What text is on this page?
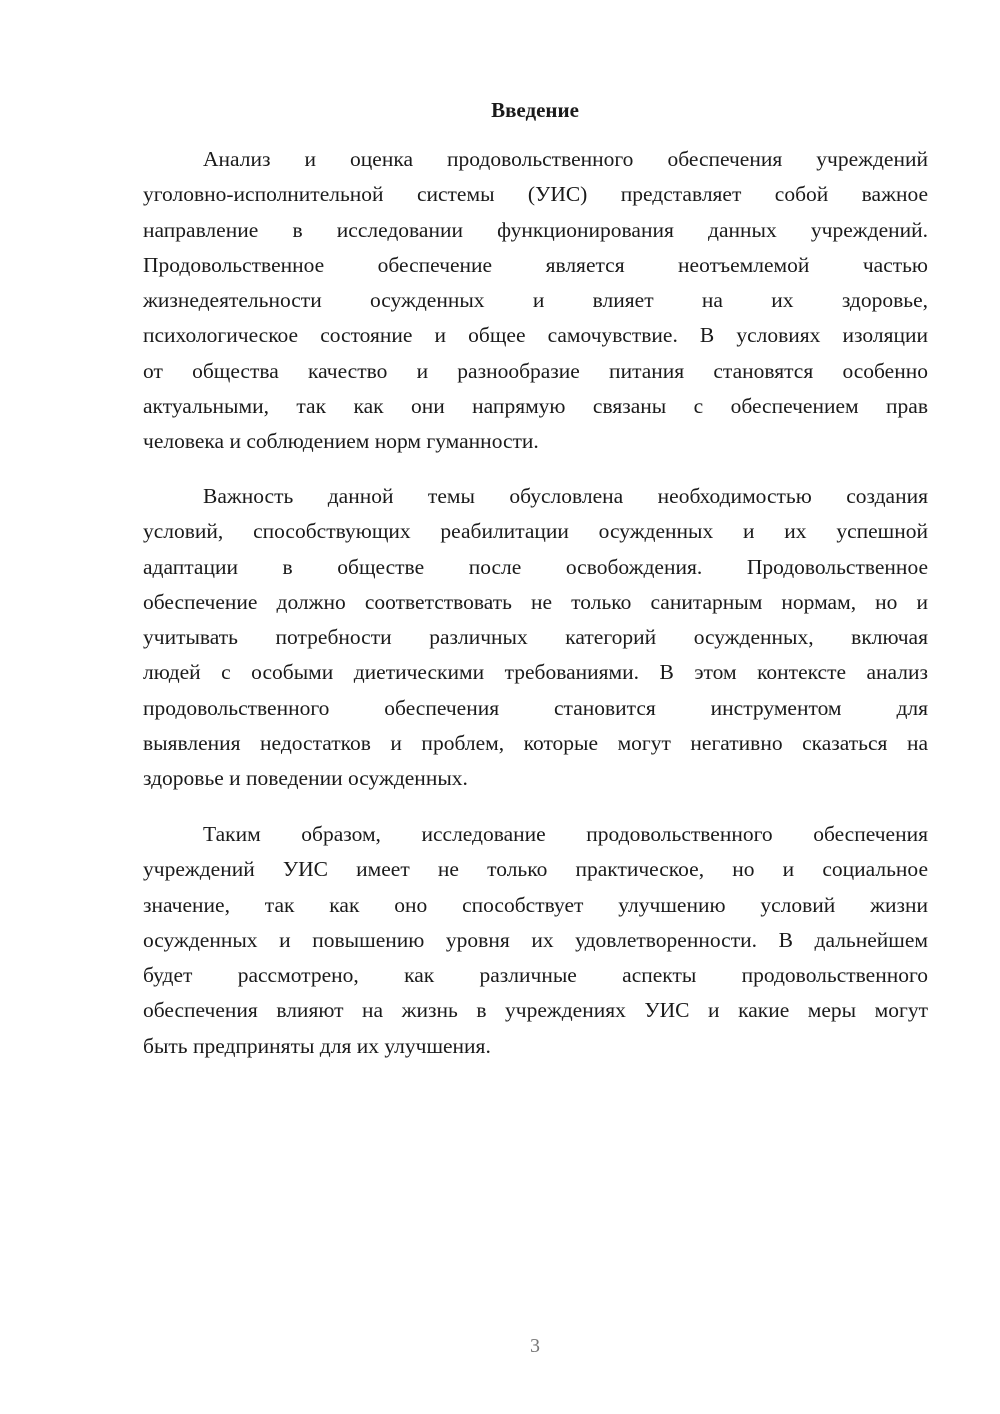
Введение
Анализ и оценка продовольственного обеспечения учреждений
уголовно-исполнительной системы (УИС) представляет собой важное
направление в исследовании функционирования данных учреждений.
Продовольственное обеспечение является неотъемлемой частью
жизнедеятельности осужденных и влияет на их здоровье,
психологическое состояние и общее самочувствие. В условиях изоляции
от общества качество и разнообразие питания становятся особенно
актуальными, так как они напрямую связаны с обеспечением прав
человека и соблюдением норм гуманности.
Важность данной темы обусловлена необходимостью создания
условий, способствующих реабилитации осужденных и их успешной
адаптации в обществе после освобождения. Продовольственное
обеспечение должно соответствовать не только санитарным нормам, но и
учитывать потребности различных категорий осужденных, включая
людей с особыми диетическими требованиями. В этом контексте анализ
продовольственного обеспечения становится инструментом для
выявления недостатков и проблем, которые могут негативно сказаться на
здоровье и поведении осужденных.
Таким образом, исследование продовольственного обеспечения
учреждений УИС имеет не только практическое, но и социальное
значение, так как оно способствует улучшению условий жизни
осужденных и повышению уровня их удовлетворенности. В дальнейшем
будет рассмотрено, как различные аспекты продовольственного
обеспечения влияют на жизнь в учреждениях УИС и какие меры могут
быть предприняты для их улучшения.
3
